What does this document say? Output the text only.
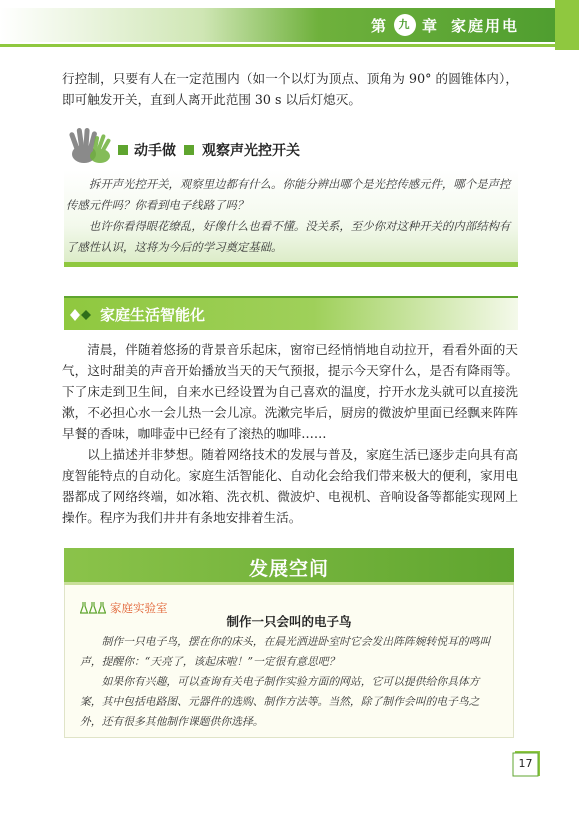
第 九 章 家庭用电
行控制，只要有人在一定范围内（如一个以灯为顶点、顶角为 90° 的圆锥体内），即可触发开关，直到人离开此范围 30 s 以后灯熄灭。
动手做 观察声光控开关
拆开声光控开关，观察里边都有什么。你能分辨出哪个是光控传感元件，哪个是声控传感元件吗？你看到电子线路了吗？
也许你看得眼花缭乱，好像什么也看不懂。没关系，至少你对这种开关的内部结构有了感性认识，这将为今后的学习奠定基础。
家庭生活智能化
清晨，伴随着悠扬的背景音乐起床，窗帘已经悄悄地自动拉开，看看外面的天气，这时甜美的声音开始播放当天的天气预报，提示今天穿什么，是否有降雨等。下了床走到卫生间，自来水已经设置为自己喜欢的温度，拧开水龙头就可以直接洗漱，不必担心水一会儿热一会儿凉。洗漱完毕后，厨房的微波炉里面已经飘来阵阵早餐的香味，咖啡壶中已经有了滚热的咖啡……
以上描述并非梦想。随着网络技术的发展与普及，家庭生活已逐步走向具有高度智能特点的自动化。家庭生活智能化、自动化会给我们带来极大的便利，家用电器都成了网络终端，如冰箱、洗衣机、微波炉、电视机、音响设备等都能实现网上操作。程序为我们井井有条地安排着生活。
发展空间
家庭实验室
制作一只会叫的电子鸟
制作一只电子鸟，摆在你的床头，在晨光洒进卧室时它会发出阵阵婉转悦耳的鸣叫声，提醒你：“天亮了，该起床啦！”一定很有意思吧？
如果你有兴趣，可以查询有关电子制作实验方面的网站，它可以提供给你具体方案，其中包括电路图、元器件的选购、制作方法等。当然，除了制作会叫的电子鸟之外，还有很多其他制作课题供你选择。
17
